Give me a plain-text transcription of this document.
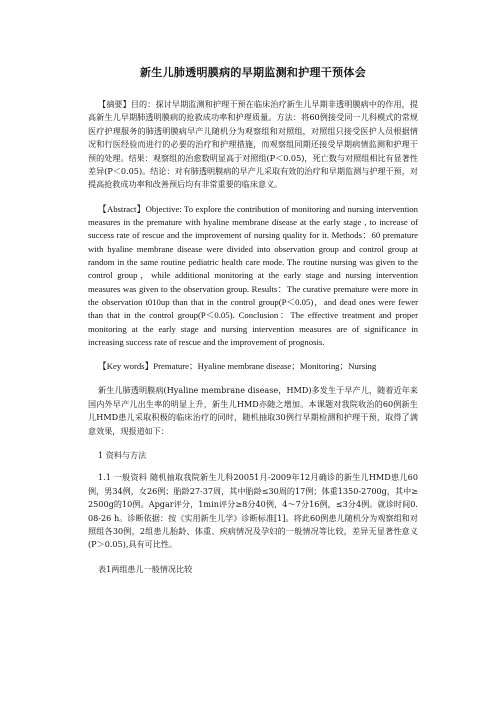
新生儿肺透明膜病的早期监测和护理干预体会

【摘要】目的：探讨早期监测和护理干预在临床治疗新生儿早期非透明膜病中的作用，提高新生儿早期肺透明膜病的抢救成功率和护理质量。方法：将60例接受同一儿科模式的常规医疗护理服务的肺透明膜病早产儿随机分为观察组和对照组，对照组只接受医护人员根据情况和行医经验而进行的必要的治疗和护理措施，而观察组同期还接受早期病情监测和护理干预的处理。结果：观察组的治愈数明显高于对照组(P＜0.05)，死亡数与对照组相比有显著性差异(P＜0.05)。结论：对有肺透明膜病的早产儿采取有效的治疗和早期监测与护理干预，对提高抢救成功率和改善预后均有非常重要的临床意义。

【Abstract】Objective: To explore the contribution of monitoring and nursing intervention measures in the premature with hyaline membrane disease at the early stage , to increase of success rate of rescue and the improvement of nursing quality for it. Methods：60 premature with hyaline membrane disease were divided into observation group and control group at random in the same routine pediatric health care mode. The routine nursing was given to the control group，while additional monitoring at the early stage and nursing intervention measures was given to the observation group. Results：The curative premature were more in the observation t010up than that in the control group(P＜0.05)，and dead ones were fewer than that in the control group(P＜0.05). Conclusion：The effective treatment and proper monitoring at the early stage and nursing intervention measures are of significance in increasing success rate of rescue and the improvement of prognosis.

【Key words】Premature；Hyaline membrane disease；Monitoring；Nursing

新生儿肺透明膜病(Hyaline membrane disease，HMD)多发生于早产儿，随着近年来国内外早产儿出生率的明显上升，新生儿HMD亦随之增加。本课题对我院收治的60例新生儿HMD患儿采取积极的临床治疗的同时，随机抽取30例行早期检测和护理干预，取得了满意效果，现报道如下：

1 资料与方法

1.1 一般资料 随机抽取我院新生儿科20051月-2009年12月确诊的新生儿HMD患儿60例，男34例，女26例；胎龄27-37周，其中胎龄≤30周的17例；体重1350-2700g，其中≥2500g的10例。Apgar评分，1min评分≥8分40例，4～7分16例，≤3分4例。就诊时间0.08-26 h。诊断依据：按《实用新生儿学》诊断标准[1]。将此60例患儿随机分为观察组和对照组各30例，2组患儿胎龄、体重、疾病情况及孕妇的一般情况等比较，差异无显著性意义(P＞0.05),具有可比性。

表1两组患儿一般情况比较
